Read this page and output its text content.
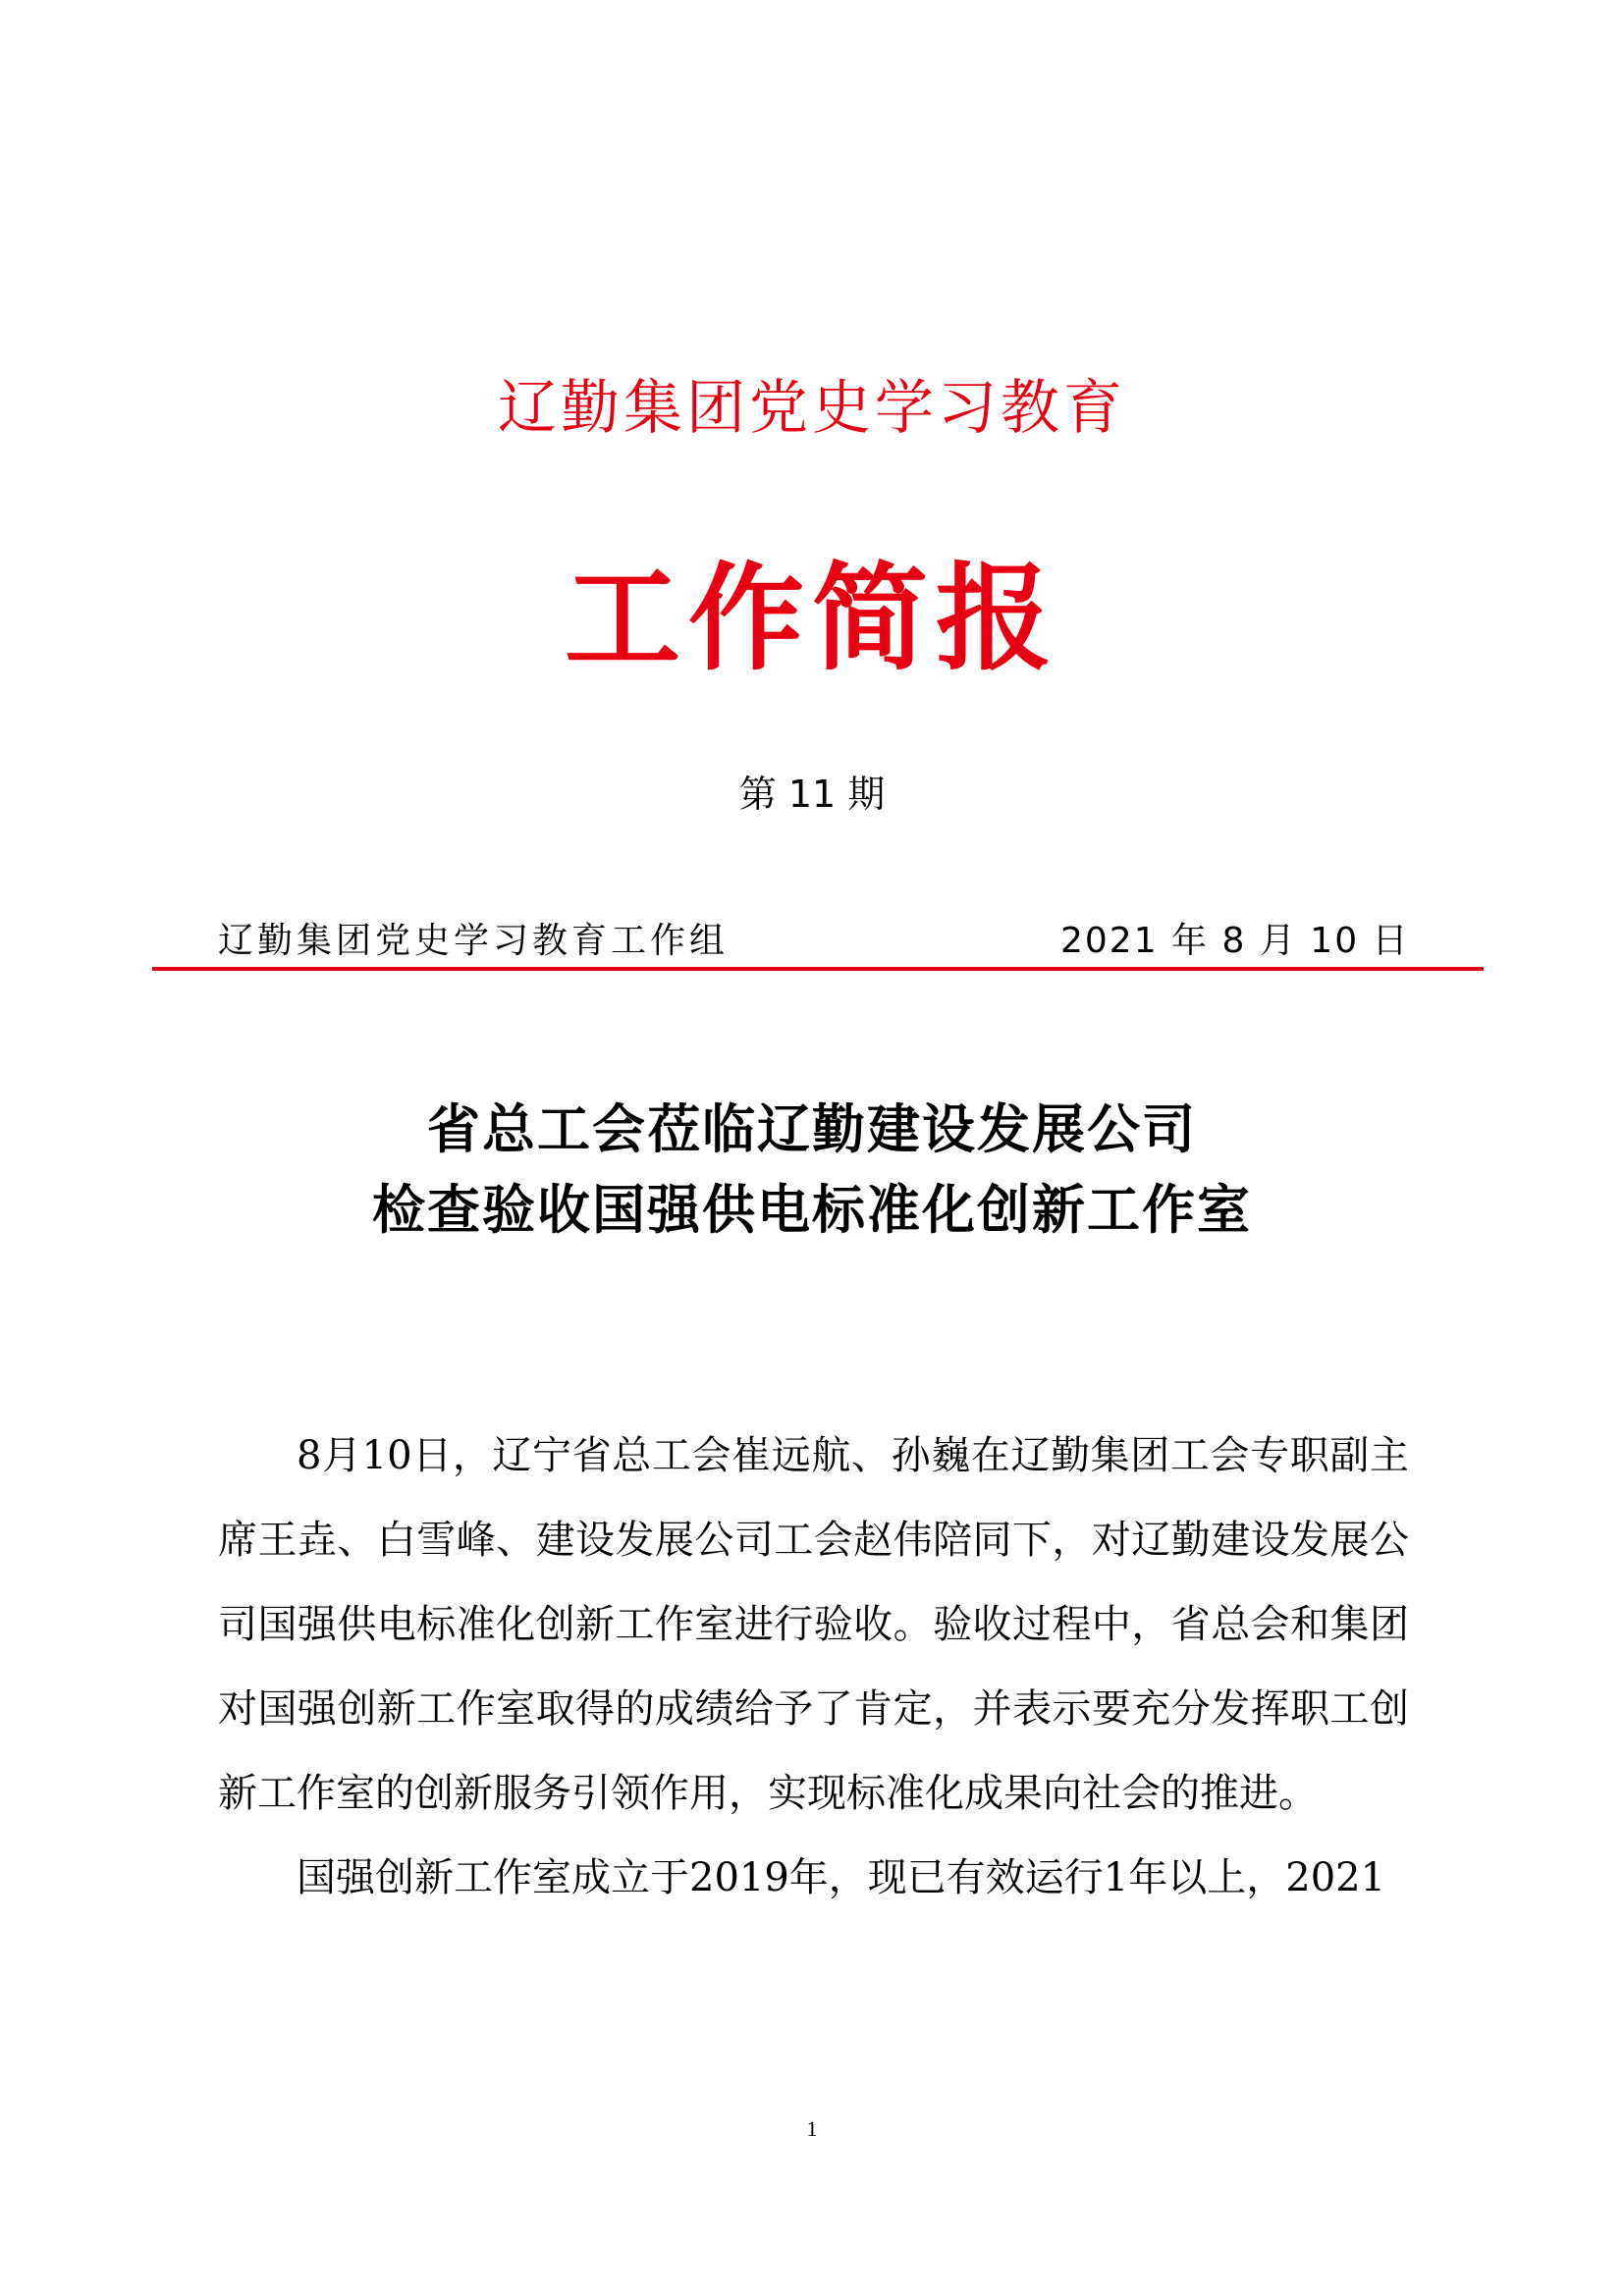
辽勤集团党史学习教育
工作简报
第 11 期
辽勤集团党史学习教育工作组	2021 年 8 月 10 日
省总工会莅临辽勤建设发展公司
检查验收国强供电标准化创新工作室

8月10日，辽宁省总工会崔远航、孙巍在辽勤集团工会专职副主席王垚、白雪峰、建设发展公司工会赵伟陪同下，对辽勤建设发展公司国强供电标准化创新工作室进行验收。验收过程中，省总会和集团对国强创新工作室取得的成绩给予了肯定，并表示要充分发挥职工创新工作室的创新服务引领作用，实现标准化成果向社会的推进。

国强创新工作室成立于2019年，现已有效运行1年以上，2021

1
